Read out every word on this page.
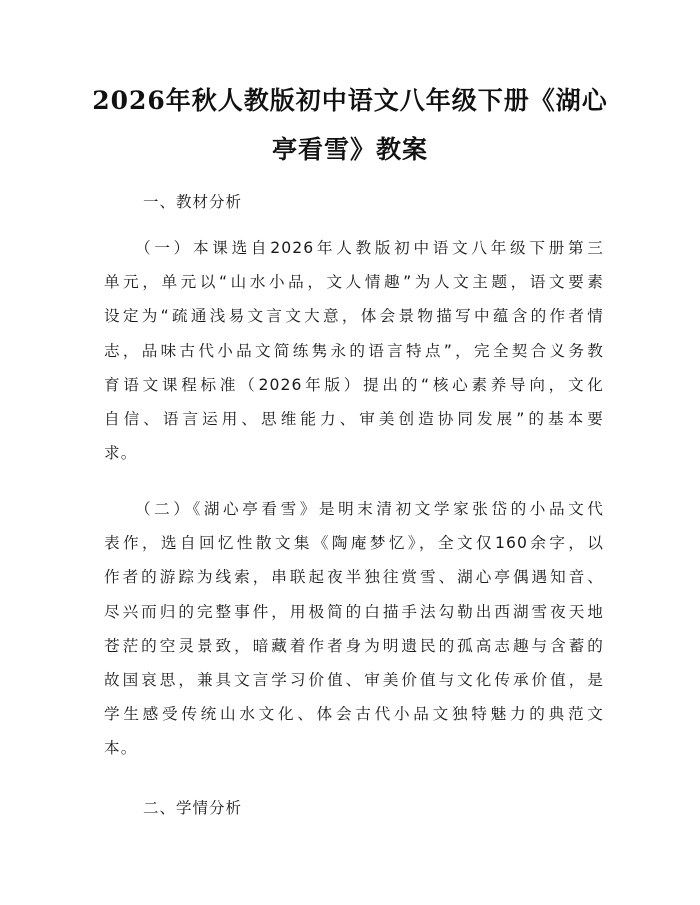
2026年秋人教版初中语文八年级下册《湖心
亭看雪》教案
一、教材分析
（一）本课选自2026年人教版初中语文八年级下册第三
单元，单元以“山水小品，文人情趣”为人文主题，语文要素
设定为“疏通浅易文言文大意，体会景物描写中蕴含的作者情
志，品味古代小品文简练隽永的语言特点”，完全契合义务教
育语文课程标准（2026年版）提出的“核心素养导向，文化
自信、语言运用、思维能力、审美创造协同发展”的基本要
求。
（二）《湖心亭看雪》是明末清初文学家张岱的小品文代
表作，选自回忆性散文集《陶庵梦忆》，全文仅160余字，以
作者的游踪为线索，串联起夜半独往赏雪、湖心亭偶遇知音、
尽兴而归的完整事件，用极简的白描手法勾勒出西湖雪夜天地
苍茫的空灵景致，暗藏着作者身为明遗民的孤高志趣与含蓄的
故国哀思，兼具文言学习价值、审美价值与文化传承价值，是
学生感受传统山水文化、体会古代小品文独特魅力的典范文
本。
二、学情分析
